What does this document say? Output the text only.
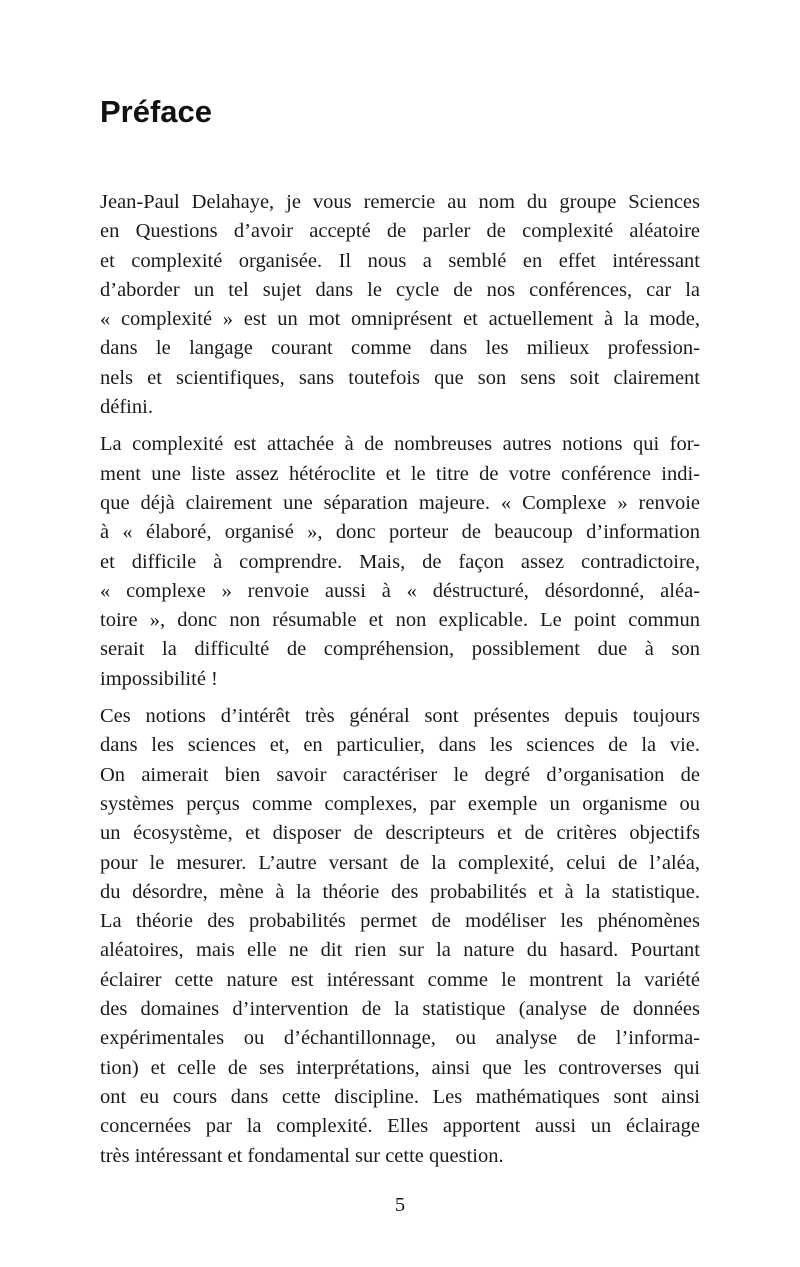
Préface

Jean-Paul Delahaye, je vous remercie au nom du groupe Sciences
en Questions d’avoir accepté de parler de complexité aléatoire
et complexité organisée. Il nous a semblé en effet intéressant
d’aborder un tel sujet dans le cycle de nos conférences, car la
« complexité » est un mot omniprésent et actuellement à la mode,
dans le langage courant comme dans les milieux profession-
nels et scientifiques, sans toutefois que son sens soit clairement
défini.

La complexité est attachée à de nombreuses autres notions qui for-
ment une liste assez hétéroclite et le titre de votre conférence indi-
que déjà clairement une séparation majeure. « Complexe » renvoie
à « élaboré, organisé », donc porteur de beaucoup d’information
et difficile à comprendre. Mais, de façon assez contradictoire,
« complexe » renvoie aussi à « déstructuré, désordonné, aléa-
toire », donc non résumable et non explicable. Le point commun
serait la difficulté de compréhension, possiblement due à son
impossibilité !

Ces notions d’intérêt très général sont présentes depuis toujours
dans les sciences et, en particulier, dans les sciences de la vie.
On aimerait bien savoir caractériser le degré d’organisation de
systèmes perçus comme complexes, par exemple un organisme ou
un écosystème, et disposer de descripteurs et de critères objectifs
pour le mesurer. L’autre versant de la complexité, celui de l’aléa,
du désordre, mène à la théorie des probabilités et à la statistique.
La théorie des probabilités permet de modéliser les phénomènes
aléatoires, mais elle ne dit rien sur la nature du hasard. Pourtant
éclairer cette nature est intéressant comme le montrent la variété
des domaines d’intervention de la statistique (analyse de données
expérimentales ou d’échantillonnage, ou analyse de l’informa-
tion) et celle de ses interprétations, ainsi que les controverses qui
ont eu cours dans cette discipline. Les mathématiques sont ainsi
concernées par la complexité. Elles apportent aussi un éclairage
très intéressant et fondamental sur cette question.

5
